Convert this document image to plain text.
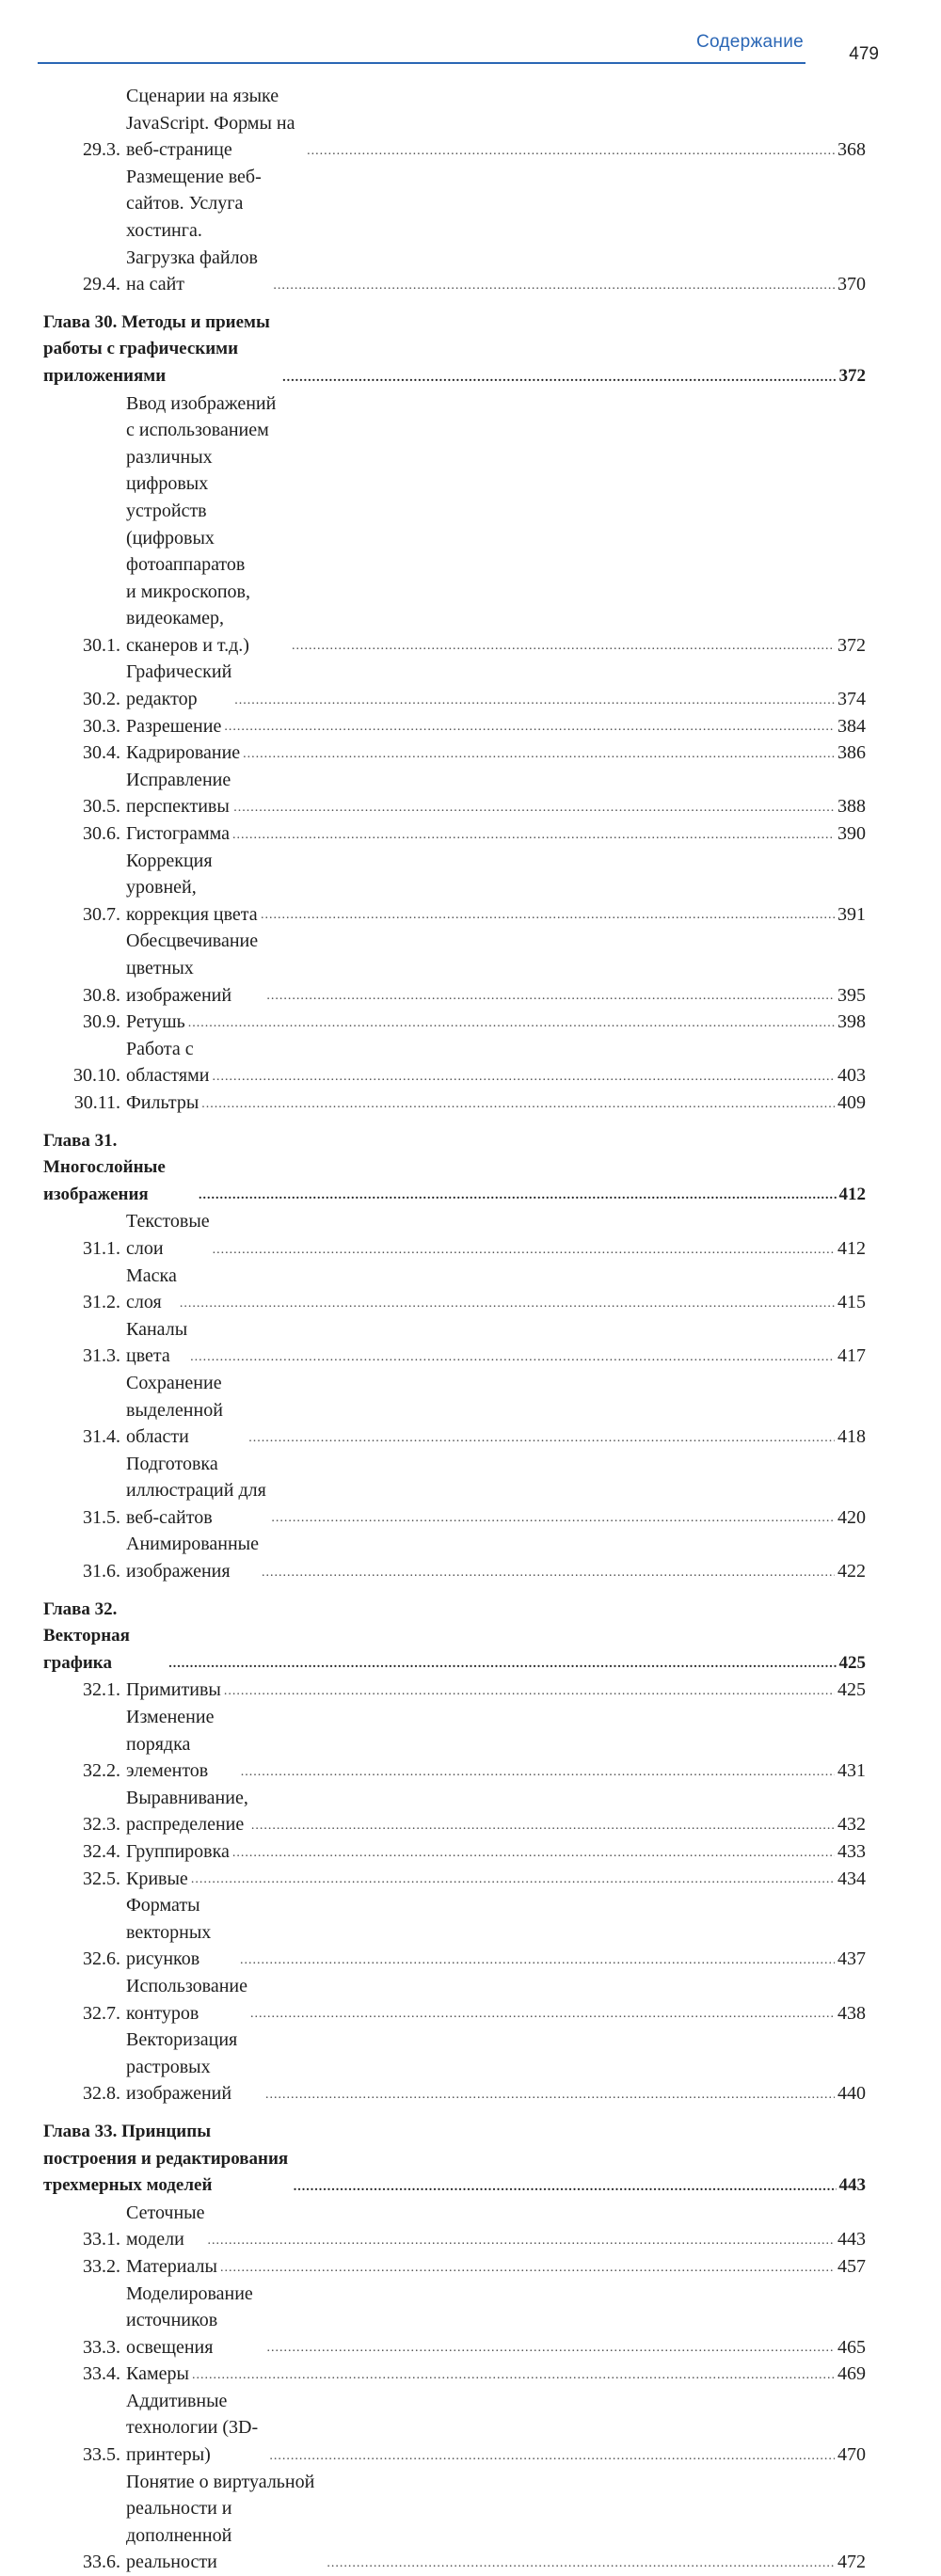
Содержание
479
29.3.
Сценарии на языке JavaScript. Формы на веб-странице .....	368
29.4.
Размещение веб-сайтов. Услуга хостинга.
Загрузка файлов на сайт .....	370
Глава 30. Методы и приемы работы с графическими приложениями .....	372
30.1.
Ввод изображений с использованием различных
цифровых устройств (цифровых фотоаппаратов
и микроскопов, видеокамер, сканеров и т.д.) .....	372
30.2.
Графический редактор .....	374
30.3. Разрешение .....	384
30.4. Кадрирование .....	386
30.5.
Исправление перспективы .....	388
30.6. Гистограмма .....	390
30.7.
Коррекция уровней, коррекция цвета .....	391
30.8.
Обесцвечивание цветных изображений .....	395
30.9. Ретушь .....	398
30.10.
Работа с областями .....	403
30.11. Фильтры .....	409
Глава 31. Многослойные изображения .....	412
31.1.
Текстовые слои .....	412
31.2.
Маска слоя .....	415
31.3.
Каналы цвета .....	417
31.4.
Сохранение выделенной области .....	418
31.5.
Подготовка иллюстраций для веб-сайтов .....	420
31.6.
Анимированные изображения .....	422
Глава 32. Векторная графика .....	425
32.1. Примитивы .....	425
32.2.
Изменение порядка элементов .....	431
32.3.
Выравнивание, распределение .....	432
32.4. Группировка .....	433
32.5. Кривые .....	434
32.6.
Форматы векторных рисунков .....	437
32.7.
Использование контуров .....	438
32.8.
Векторизация растровых изображений .....	440
Глава 33. Принципы построения и редактирования трехмерных моделей .....	443
33.1.
Сеточные модели .....	443
33.2. Материалы .....	457
33.3.
Моделирование источников освещения .....	465
33.4. Камеры .....	469
33.5.
Аддитивные технологии (3D-принтеры) .....	470
33.6.
Понятие о виртуальной реальности и дополненной реальности .....	472
